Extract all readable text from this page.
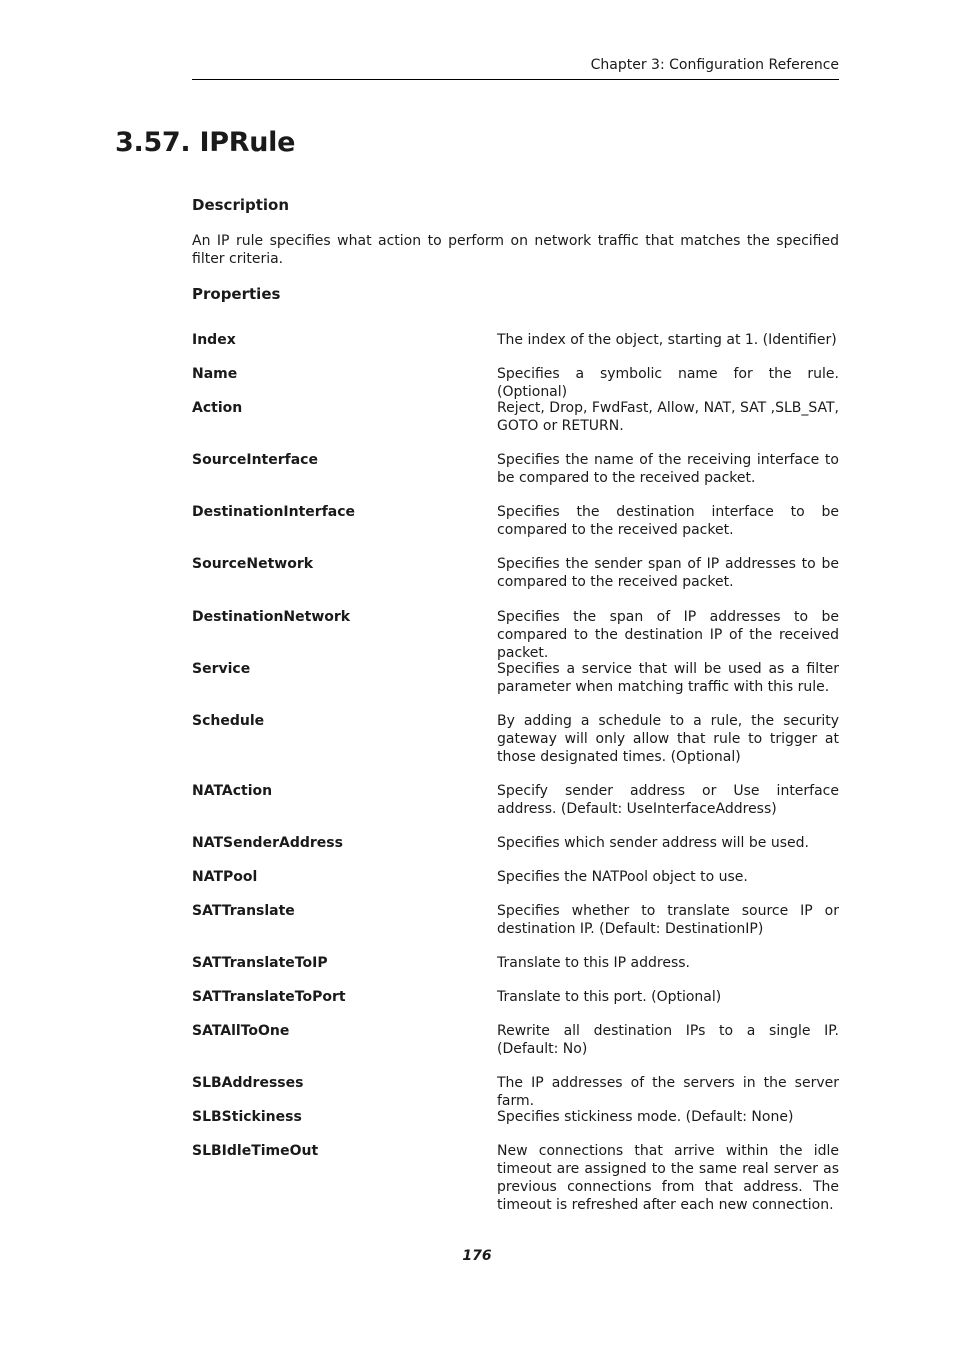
Chapter 3: Configuration Reference
3.57. IPRule
Description

An IP rule specifies what action to perform on network traffic that matches the specified filter criteria.

Properties
Index	The index of the object, starting at 1. (Identifier)
Name	Specifies a symbolic name for the rule. (Optional)
Action	Reject, Drop, FwdFast, Allow, NAT, SAT ,SLB_SAT, GOTO or RETURN.
SourceInterface	Specifies the name of the receiving interface to be compared to the received packet.
DestinationInterface	Specifies the destination interface to be compared to the received packet.
SourceNetwork	Specifies the sender span of IP addresses to be compared to the received packet.
DestinationNetwork	Specifies the span of IP addresses to be compared to the destination IP of the received packet.
Service	Specifies a service that will be used as a filter parameter when matching traffic with this rule.
Schedule	By adding a schedule to a rule, the security gateway will only allow that rule to trigger at those designated times. (Optional)
NATAction	Specify sender address or Use interface address. (Default: UseInterfaceAddress)
NATSenderAddress	Specifies which sender address will be used.
NATPool	Specifies the NATPool object to use.
SATTranslate	Specifies whether to translate source IP or destination IP. (Default: DestinationIP)
SATTranslateToIP	Translate to this IP address.
SATTranslateToPort	Translate to this port. (Optional)
SATAllToOne	Rewrite all destination IPs to a single IP. (Default: No)
SLBAddresses	The IP addresses of the servers in the server farm.
SLBStickiness	Specifies stickiness mode. (Default: None)
SLBIdleTimeOut	New connections that arrive within the idle timeout are assigned to the same real server as previous connections from that address. The timeout is refreshed after each new connection.
176
